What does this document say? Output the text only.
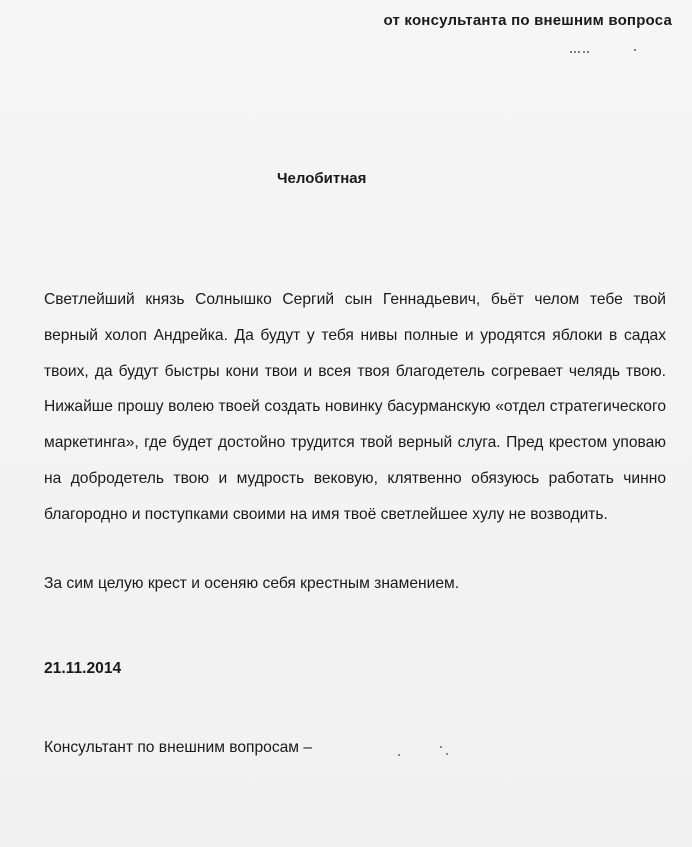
от консультанта по внешним вопроса
Челобитная

Светлейший князь Солнышко Сергий сын Геннадьевич, бьёт челом тебе твой верный холоп Андрейка. Да будут у тебя нивы полные и уродятся яблоки в садах твоих, да будут быстры кони твои и всея твоя благодетель согревает челядь твою. Нижайше прошу волею твоей создать новинку басурманскую «отдел стратегического маркетинга», где будет достойно трудится твой верный слуга. Пред крестом уповаю на добродетель твою и мудрость вековую, клятвенно обязуюсь работать чинно благородно и поступками своими на имя твоё светлейшее хулу не возводить.

За сим целую крест и осеняю себя крестным знамением.
21.11.2014
Консультант по внешним вопросам –
